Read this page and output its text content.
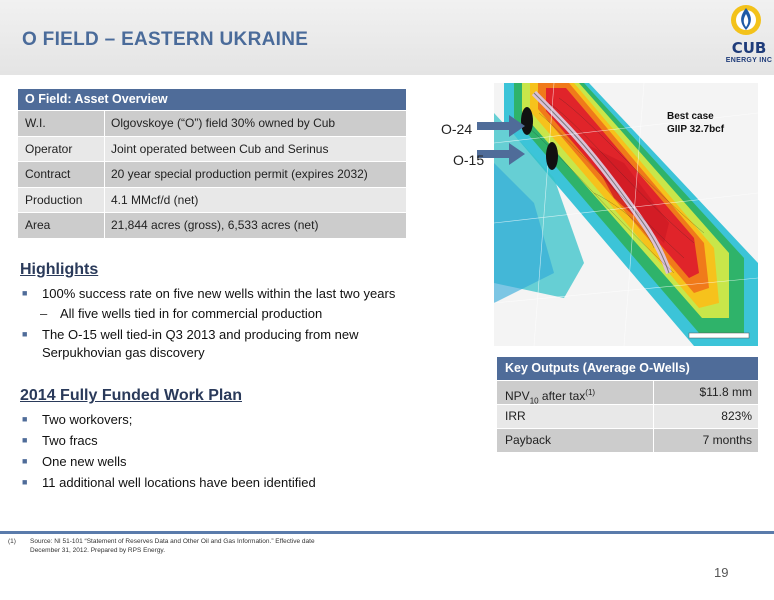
O FIELD – EASTERN UKRAINE	CUB
ENERGY INC
O Field: Asset Overview
W.I.	Olgovskoye (“O”) field 30% owned by Cub
Operator	Joint operated between Cub and Serinus
Contract	20 year special production permit (expires 2032)
Production	4.1 MMcf/d (net)
Area	21,844 acres (gross), 6,533 acres (net)
Highlights
■ 100% success rate on five new wells within the last two years
– All five wells tied in for commercial production
■ The O-15 well tied-in Q3 2013 and producing from new
Serpukhovian gas discovery
2014 Fully Funded Work Plan
■ Two workovers;
■ Two fracs
■ One new wells
■ 11 additional well locations have been identified
O-24
O-15
Best case
GIIP 32.7bcf
Key Outputs (Average O-Wells)
$NPV_{10}$ after tax$^{(1)}$	$11.8 mm
IRR	823%
Payback	7 months
(1) Source: NI 51-101 “Statement of Reserves Data and Other Oil and Gas Information.” Effective date December 31, 2012. Prepared by RPS Energy.
19
